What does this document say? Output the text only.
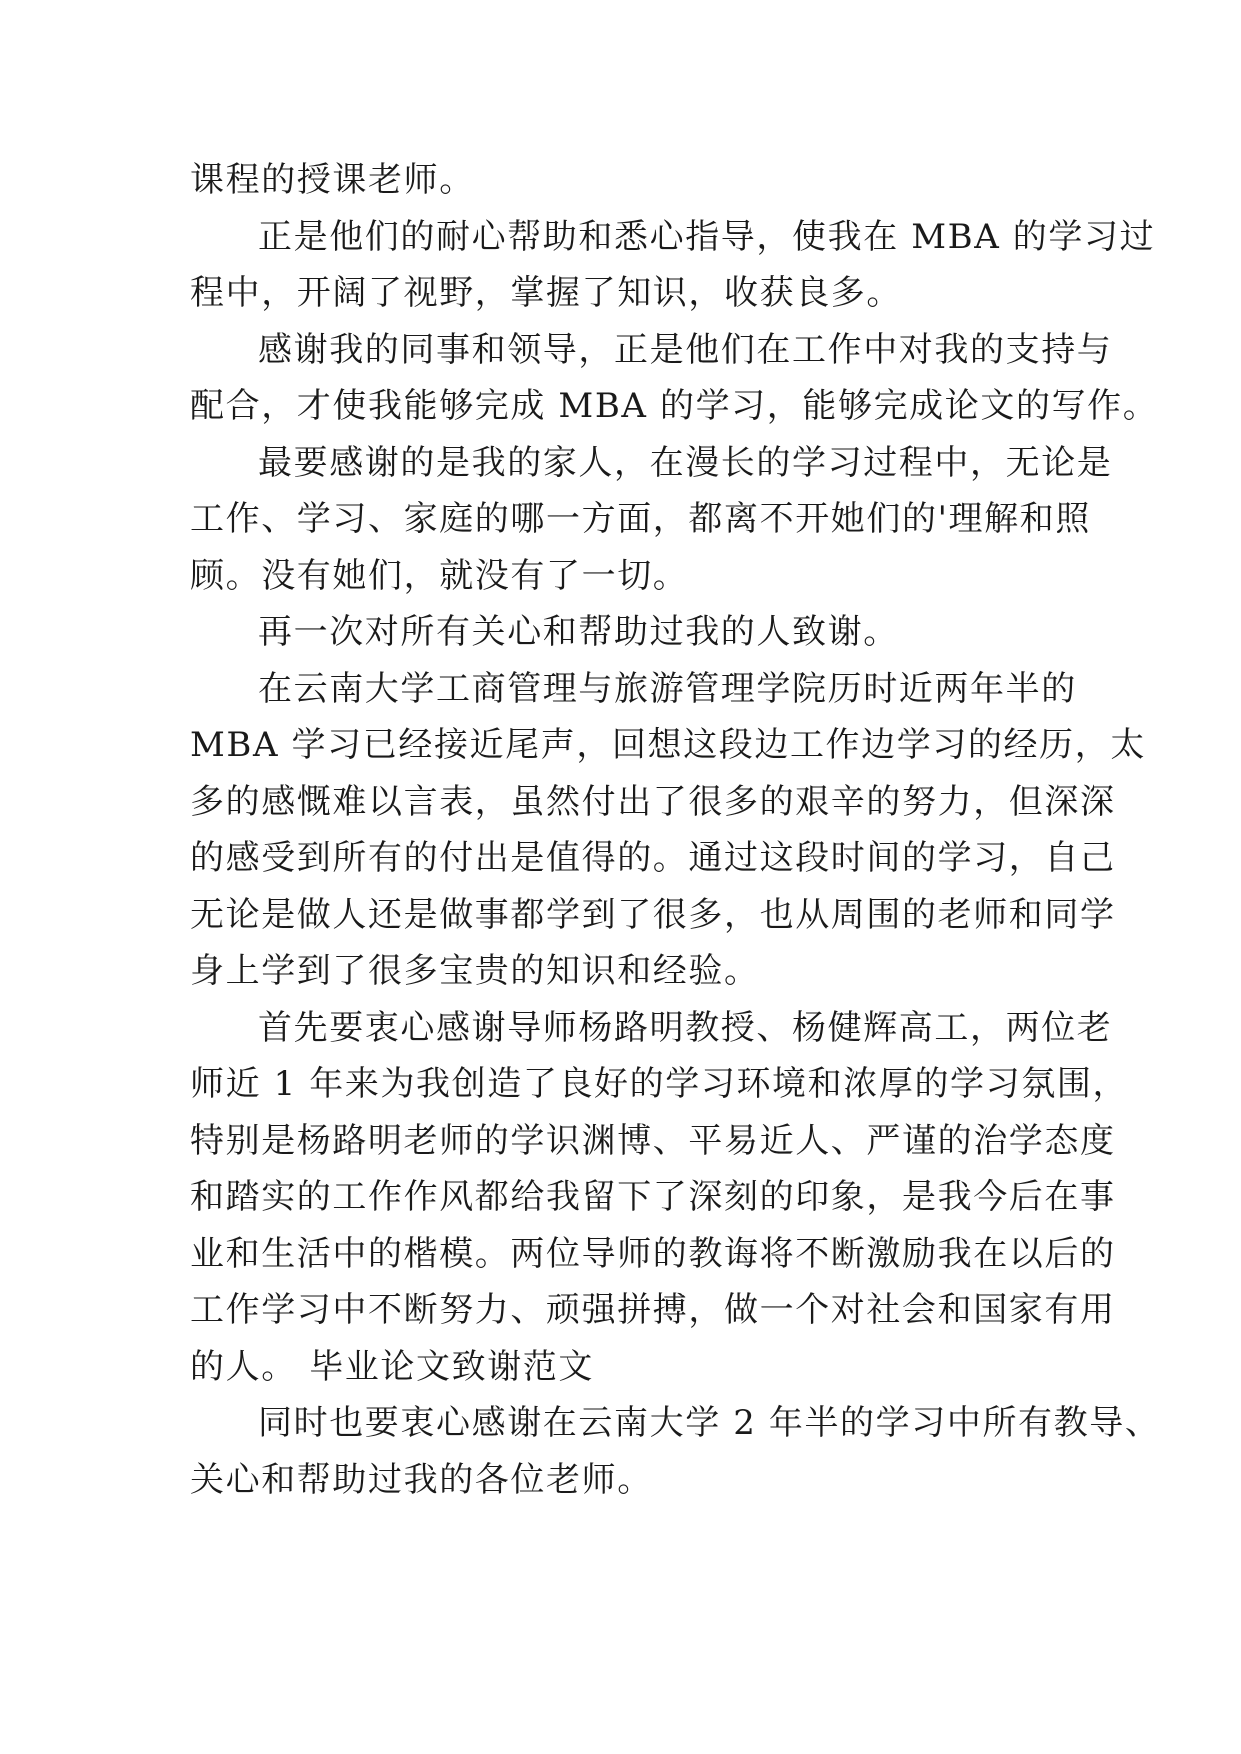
课程的授课老师。
正是他们的耐心帮助和悉心指导，使我在 MBA 的学习过
程中，开阔了视野，掌握了知识，收获良多。
感谢我的同事和领导，正是他们在工作中对我的支持与
配合，才使我能够完成 MBA 的学习，能够完成论文的写作。
最要感谢的是我的家人，在漫长的学习过程中，无论是
工作、学习、家庭的哪一方面，都离不开她们的'理解和照
顾。没有她们，就没有了一切。
再一次对所有关心和帮助过我的人致谢。
在云南大学工商管理与旅游管理学院历时近两年半的
MBA 学习已经接近尾声，回想这段边工作边学习的经历，太
多的感慨难以言表，虽然付出了很多的艰辛的努力，但深深
的感受到所有的付出是值得的。通过这段时间的学习，自己
无论是做人还是做事都学到了很多，也从周围的老师和同学
身上学到了很多宝贵的知识和经验。
首先要衷心感谢导师杨路明教授、杨健辉高工，两位老
师近 1 年来为我创造了良好的学习环境和浓厚的学习氛围，
特别是杨路明老师的学识渊博、平易近人、严谨的治学态度
和踏实的工作作风都给我留下了深刻的印象，是我今后在事
业和生活中的楷模。两位导师的教诲将不断激励我在以后的
工作学习中不断努力、顽强拼搏，做一个对社会和国家有用
的人。 毕业论文致谢范文
同时也要衷心感谢在云南大学 2 年半的学习中所有教导、
关心和帮助过我的各位老师。
